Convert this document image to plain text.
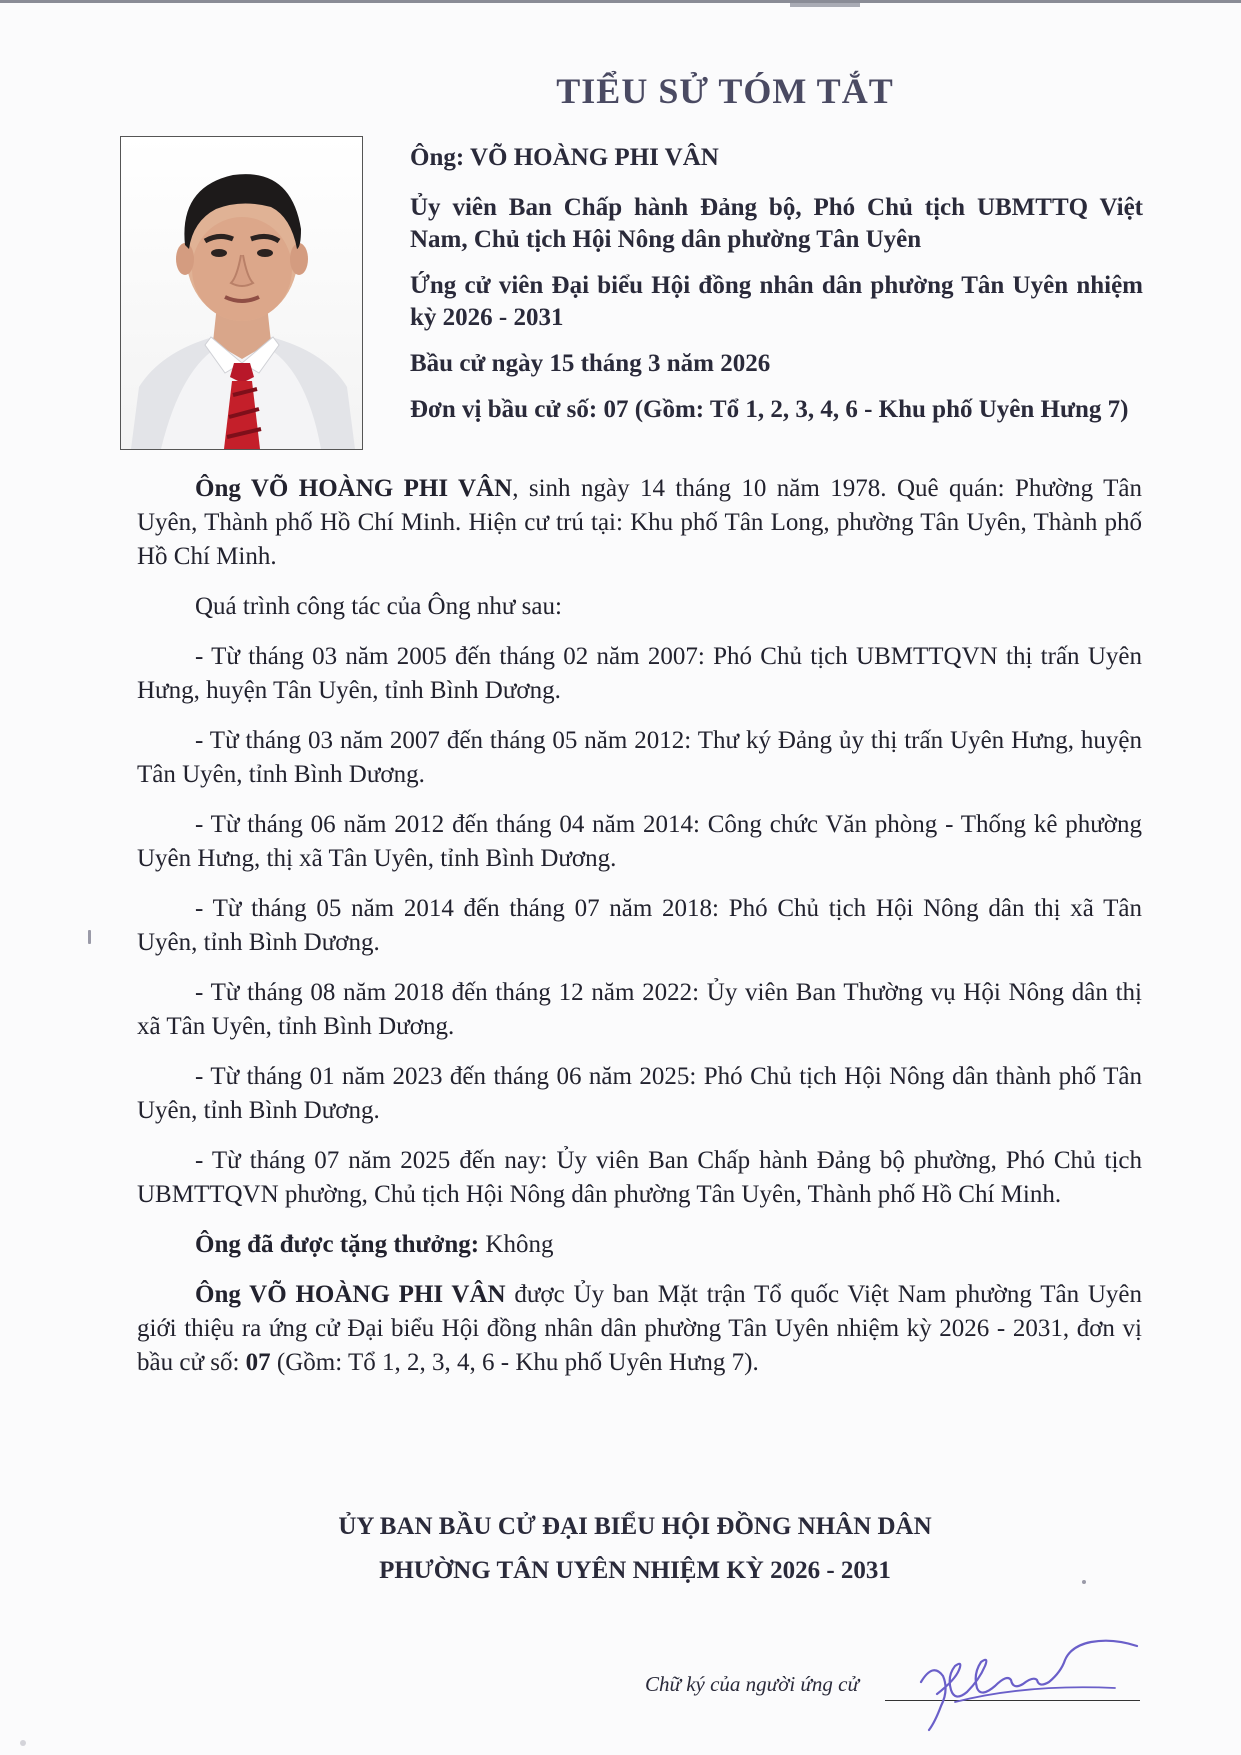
TIỂU SỬ TÓM TẮT

Ông: VÕ HOÀNG PHI VÂN

Ủy viên Ban Chấp hành Đảng bộ, Phó Chủ tịch UBMTTQ Việt Nam, Chủ tịch Hội Nông dân phường Tân Uyên

Ứng cử viên Đại biểu Hội đồng nhân dân phường Tân Uyên nhiệm kỳ 2026 - 2031

Bầu cử ngày 15 tháng 3 năm 2026

Đơn vị bầu cử số: 07 (Gồm: Tổ 1, 2, 3, 4, 6 - Khu phố Uyên Hưng 7)

Ông VÕ HOÀNG PHI VÂN, sinh ngày 14 tháng 10 năm 1978. Quê quán: Phường Tân Uyên, Thành phố Hồ Chí Minh. Hiện cư trú tại: Khu phố Tân Long, phường Tân Uyên, Thành phố Hồ Chí Minh.

Quá trình công tác của Ông như sau:

- Từ tháng 03 năm 2005 đến tháng 02 năm 2007: Phó Chủ tịch UBMTTQVN thị trấn Uyên Hưng, huyện Tân Uyên, tỉnh Bình Dương.

- Từ tháng 03 năm 2007 đến tháng 05 năm 2012: Thư ký Đảng ủy thị trấn Uyên Hưng, huyện Tân Uyên, tỉnh Bình Dương.

- Từ tháng 06 năm 2012 đến tháng 04 năm 2014: Công chức Văn phòng - Thống kê phường Uyên Hưng, thị xã Tân Uyên, tỉnh Bình Dương.

- Từ tháng 05 năm 2014 đến tháng 07 năm 2018: Phó Chủ tịch Hội Nông dân thị xã Tân Uyên, tỉnh Bình Dương.

- Từ tháng 08 năm 2018 đến tháng 12 năm 2022: Ủy viên Ban Thường vụ Hội Nông dân thị xã Tân Uyên, tỉnh Bình Dương.

- Từ tháng 01 năm 2023 đến tháng 06 năm 2025: Phó Chủ tịch Hội Nông dân thành phố Tân Uyên, tỉnh Bình Dương.

- Từ tháng 07 năm 2025 đến nay: Ủy viên Ban Chấp hành Đảng bộ phường, Phó Chủ tịch UBMTTQVN phường, Chủ tịch Hội Nông dân phường Tân Uyên, Thành phố Hồ Chí Minh.

Ông đã được tặng thưởng: Không

Ông VÕ HOÀNG PHI VÂN được Ủy ban Mặt trận Tổ quốc Việt Nam phường Tân Uyên giới thiệu ra ứng cử Đại biểu Hội đồng nhân dân phường Tân Uyên nhiệm kỳ 2026 - 2031, đơn vị bầu cử số: 07 (Gồm: Tổ 1, 2, 3, 4, 6 - Khu phố Uyên Hưng 7).

ỦY BAN BẦU CỬ ĐẠI BIỂU HỘI ĐỒNG NHÂN DÂN
PHƯỜNG TÂN UYÊN NHIỆM KỲ 2026 - 2031
Chữ ký của người ứng cử
